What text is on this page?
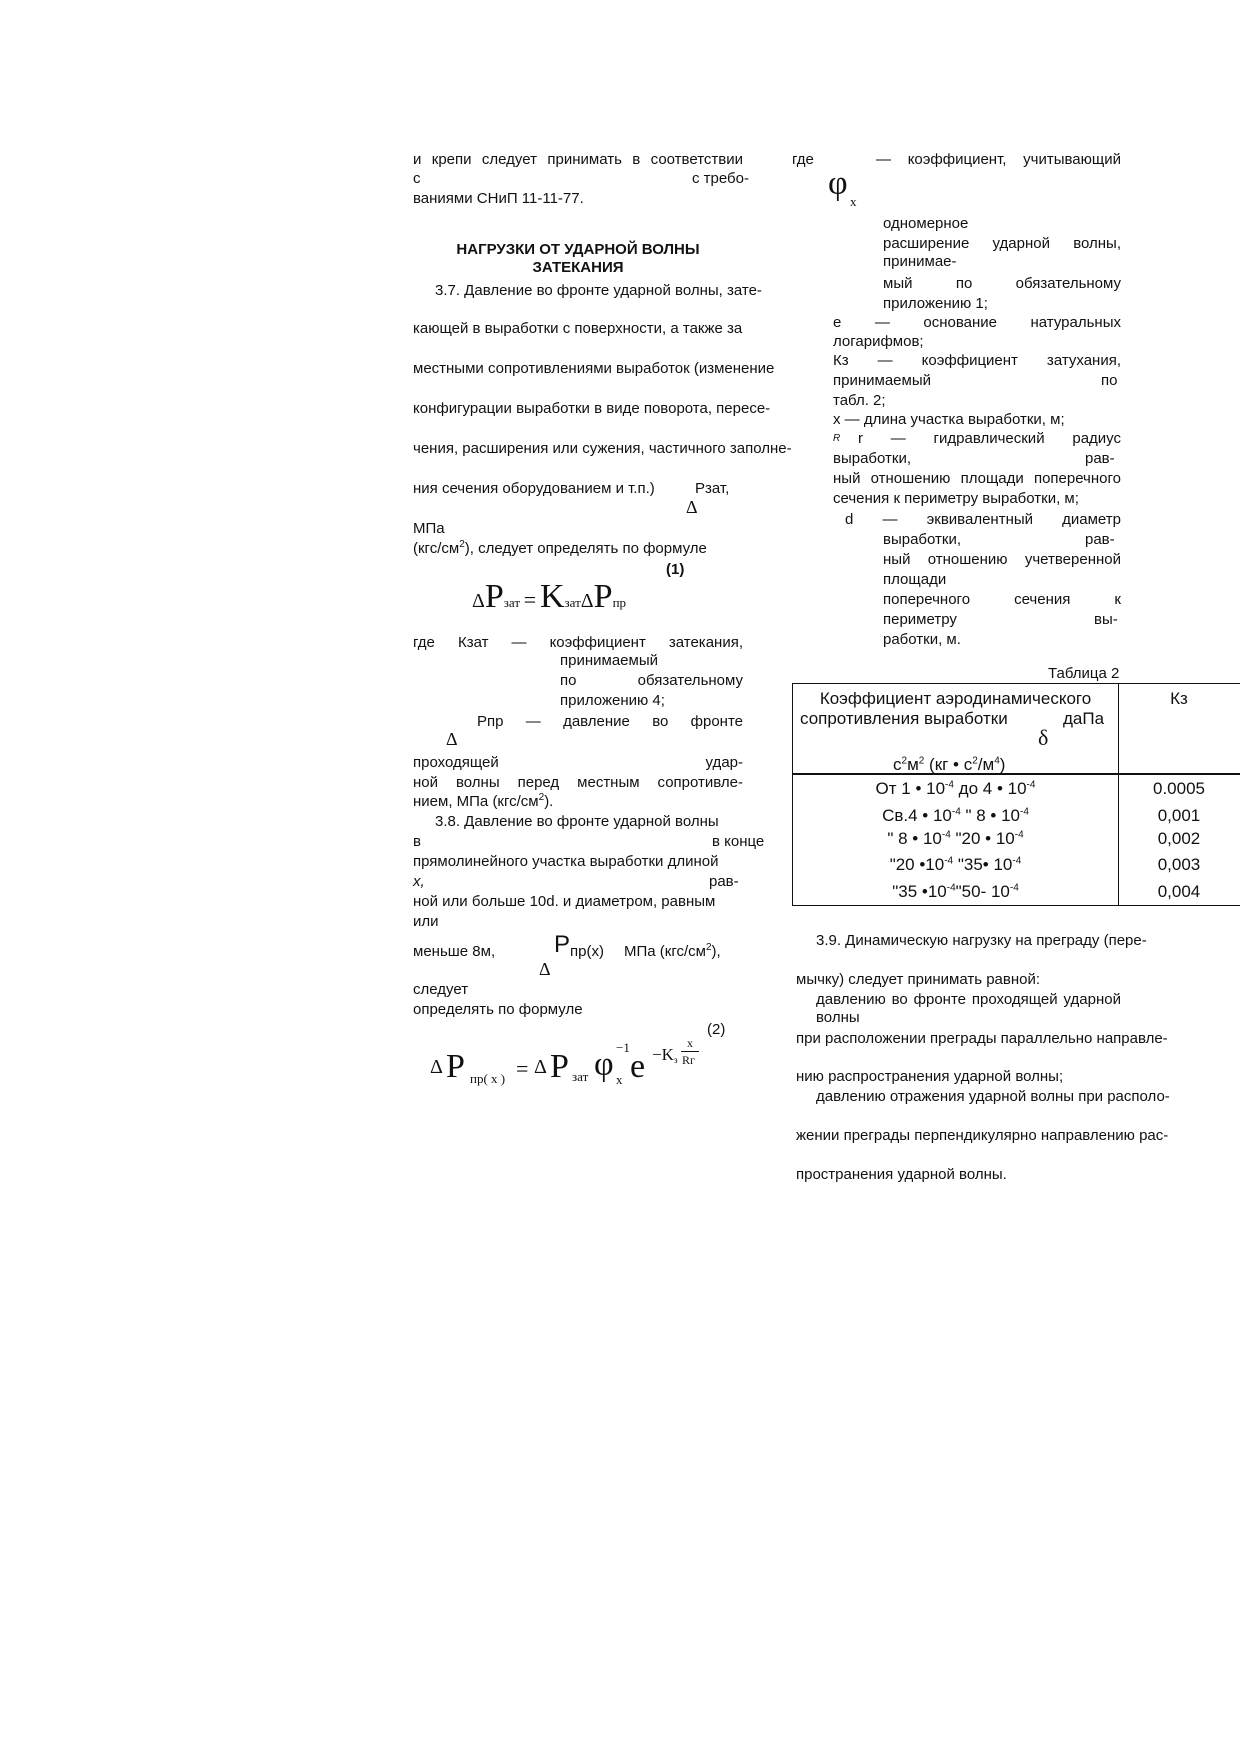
и крепи следует принимать в соответствии
с	с требо-
ваниями СНиП 11-11-77.
НАГРУЗКИ ОТ УДАРНОЙ ВОЛНЫ
ЗАТЕКАНИЯ
3.7. Давление во фронте ударной волны, зате-
кающей в выработки с поверхности, а также за
местными сопротивлениями выработок (изменение
конфигурации выработки в виде поворота, пересе-
чения, расширения или сужения, частичного заполне-
ния сечения оборудованием и т.п.)	Рзат,
Δ
МПа
$(кгс/см^2)$, следует определять по формуле
(1)
ΔPзат = KзатΔPпр
где Кзат — коэффициент затекания,
принимаемый
по обязательному
приложению 4;
Рпр — давление во фронте
Δ
проходящей удар-
ной волны перед местным сопротивле-
нием, МПа $(кгс/см^2)$.
3.8. Давление во фронте ударной волны
в	в конце
прямолинейного участка выработки длиной
х,	рав-
ной или больше 10d. и диаметром, равным
или
меньше 8м, P пр(х) МПа $(кгс/см^2)$,
Δ
следует
определять по формуле
(2)
Δ P пр( х ) = Δ P зат φ −1
x e −K з
x
Rг
где	— коэффициент, учитывающий
φ x
одномерное
расширение ударной волны, принимае-
мый по обязательному
приложению 1;
е — основание натуральных
логарифмов;
Кз — коэффициент затухания,
принимаемый	по
табл. 2;
х — длина участка выработки, м;
R r — гидравлический радиус
выработки,	рав-
ный отношению площади поперечного
сечения к периметру выработки, м;
d — эквивалентный диаметр
выработки,	рав-
ный отношению учетверенной
площади
поперечного сечения к
периметру	вы-
работки, м.
Таблица 2
Коэффициент аэродинамического
сопротивления выработки	даПа
δ
$с^2м^2$ (кг • $с^2/м^4$)
Кз
От 1 • $10^{-4}$ до 4 • $10^{-4}$	0.0005
Св.4 • $10^{-4}$ " 8 • $10^{-4}$	0,001
" 8 • $10^{-4}$ "20 • $10^{-4}$	0,002
"20 $•10^{-4}$ "35• $10^{-4}$	0,003
"35 $•10^{-4}"50-$ $10^{-4}$	0,004
3.9. Динамическую нагрузку на преграду (пере-
мычку) следует принимать равной:
давлению во фронте проходящей ударной волны
при расположении преграды параллельно направле-
нию распространения ударной волны;
давлению отражения ударной волны при располо-
жении преграды перпендикулярно направлению рас-
пространения ударной волны.
